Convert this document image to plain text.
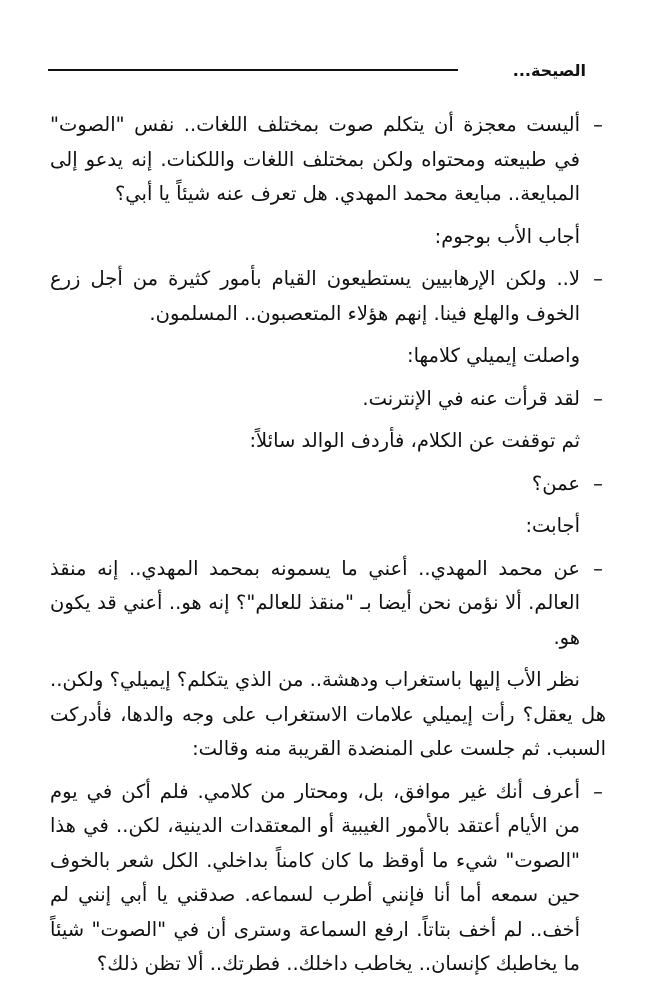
الصيحة...
–
أليست معجزة أن يتكلم صوت بمختلف اللغات.. نفس "الصوت" في طبيعته ومحتواه ولكن بمختلف اللغات واللكنات. إنه يدعو إلى المبايعة.. مبايعة محمد المهدي. هل تعرف عنه شيئاً يا أبي؟
أجاب الأب بوجوم:
–
لا.. ولكن الإرهابيين يستطيعون القيام بأمور كثيرة من أجل زرع الخوف والهلع فينا. إنهم هؤلاء المتعصبون.. المسلمون.
واصلت إيميلي كلامها:
–
لقد قرأت عنه في الإنترنت.
ثم توقفت عن الكلام، فأردف الوالد سائلاً:
–
عمن؟
أجابت:
–
عن محمد المهدي.. أعني ما يسمونه بمحمد المهدي.. إنه منقذ العالم. ألا نؤمن نحن أيضا بـ "منقذ للعالم"؟ إنه هو.. أعني قد يكون هو.
نظر الأب إليها باستغراب ودهشة.. من الذي يتكلم؟ إيميلي؟ ولكن.. هل يعقل؟ رأت إيميلي علامات الاستغراب على وجه والدها، فأدركت السبب. ثم جلست على المنضدة القريبة منه وقالت:
–
أعرف أنك غير موافق، بل، ومحتار من كلامي. فلم أكن في يوم من الأيام أعتقد بالأمور الغيبية أو المعتقدات الدينية، لكن.. في هذا "الصوت" شيء ما أوقظ ما كان كامناً بداخلي. الكل شعر بالخوف حين سمعه أما أنا فإنني أطرب لسماعه. صدقني يا أبي إنني لم أخف.. لم أخف بتاتاً. ارفع السماعة وسترى أن في "الصوت" شيئاً ما يخاطبك كإنسان.. يخاطب داخلك.. فطرتك.. ألا تظن ذلك؟
